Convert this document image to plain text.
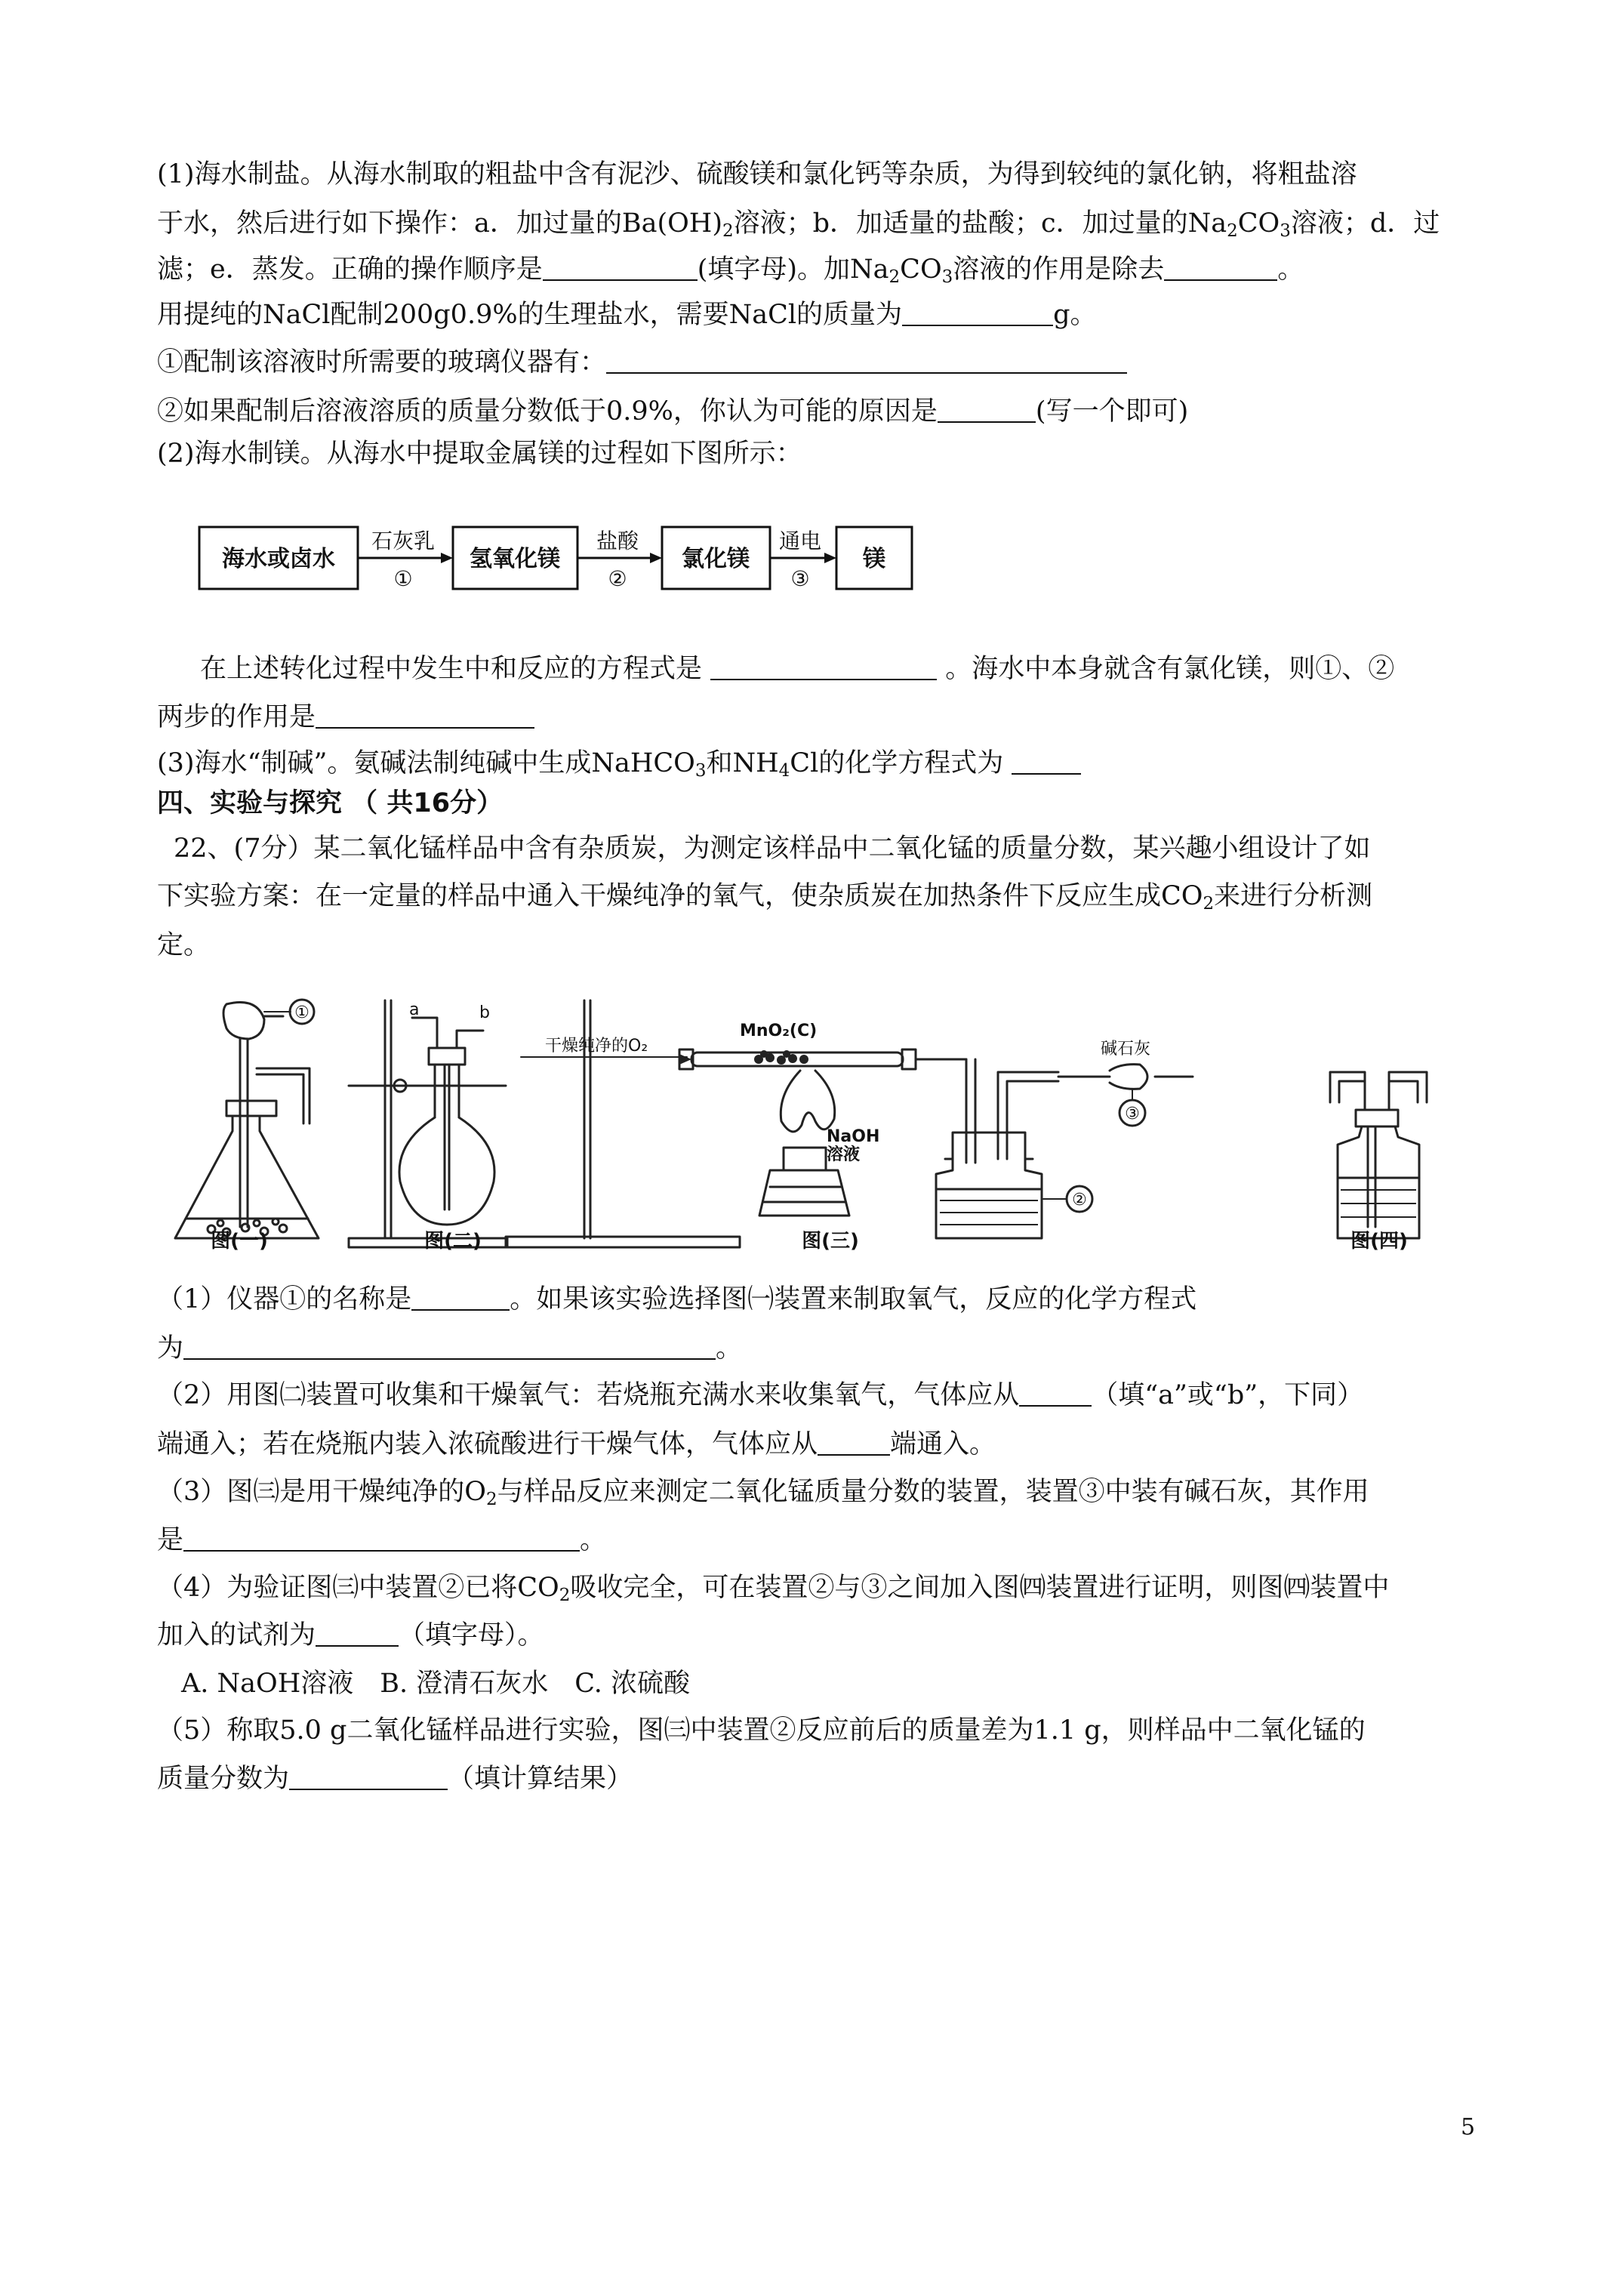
(1)海水制盐。从海水制取的粗盐中含有泥沙、硫酸镁和氯化钙等杂质，为得到较纯的氯化钠，将粗盐溶
于水，然后进行如下操作：a．加过量的$Ba(OH)_2$溶液；b．加适量的盐酸；c．加过量的$Na_2CO_3$溶液；d．过
滤；e．蒸发。正确的操作顺序是	(填字母)。加$Na_2CO_3$溶液的作用是除去	。
用提纯的NaCl配制200g0.9%的生理盐水，需要NaCl的质量为	g。
①配制该溶液时所需要的玻璃仪器有：
②如果配制后溶液溶质的质量分数低于0.9%，你认为可能的原因是	(写一个即可)
(2)海水制镁。从海水中提取金属镁的过程如下图所示：
海水或卤水	氢氧化镁	氯化镁	镁
石灰乳	盐酸	通电
①	②	③
在上述转化过程中发生中和反应的方程式是	。海水中本身就含有氯化镁，则①、②
两步的作用是
(3)海水“制碱”。氨碱法制纯碱中生成NaHCO$_3$和$NH_4Cl$的化学方程式为
四、实验与探究 （ 共16分）
22、(7分）某二氧化锰样品中含有杂质炭，为测定该样品中二氧化锰的质量分数，某兴趣小组设计了如
下实验方案：在一定量的样品中通入干燥纯净的氧气，使杂质炭在加热条件下反应生成$CO_2$来进行分析测
定。
①
②
③
a	b
干燥纯净的O₂
MnO₂(C)
碱石灰
NaOH
溶液
图(一)	图(二)	图(三)	图(四)
（1）仪器①的名称是	。如果该实验选择图㈠装置来制取氧气，反应的化学方程式
为	。
（2）用图㈡装置可收集和干燥氧气：若烧瓶充满水来收集氧气，气体应从	（填“a”或“b”，下同）
端通入；若在烧瓶内装入浓硫酸进行干燥气体，气体应从	端通入。
（3）图㈢是用干燥纯净的$O_2$与样品反应来测定二氧化锰质量分数的装置，装置③中装有碱石灰，其作用
是	。
（4）为验证图㈢中装置②已将$CO_2$吸收完全，可在装置②与③之间加入图㈣装置进行证明，则图㈣装置中
加入的试剂为	（填字母）。
A. NaOH溶液　B. 澄清石灰水　C. 浓硫酸
（5）称取5.0 g二氧化锰样品进行实验，图㈢中装置②反应前后的质量差为1.1 g，则样品中二氧化锰的
质量分数为	（填计算结果）
5
